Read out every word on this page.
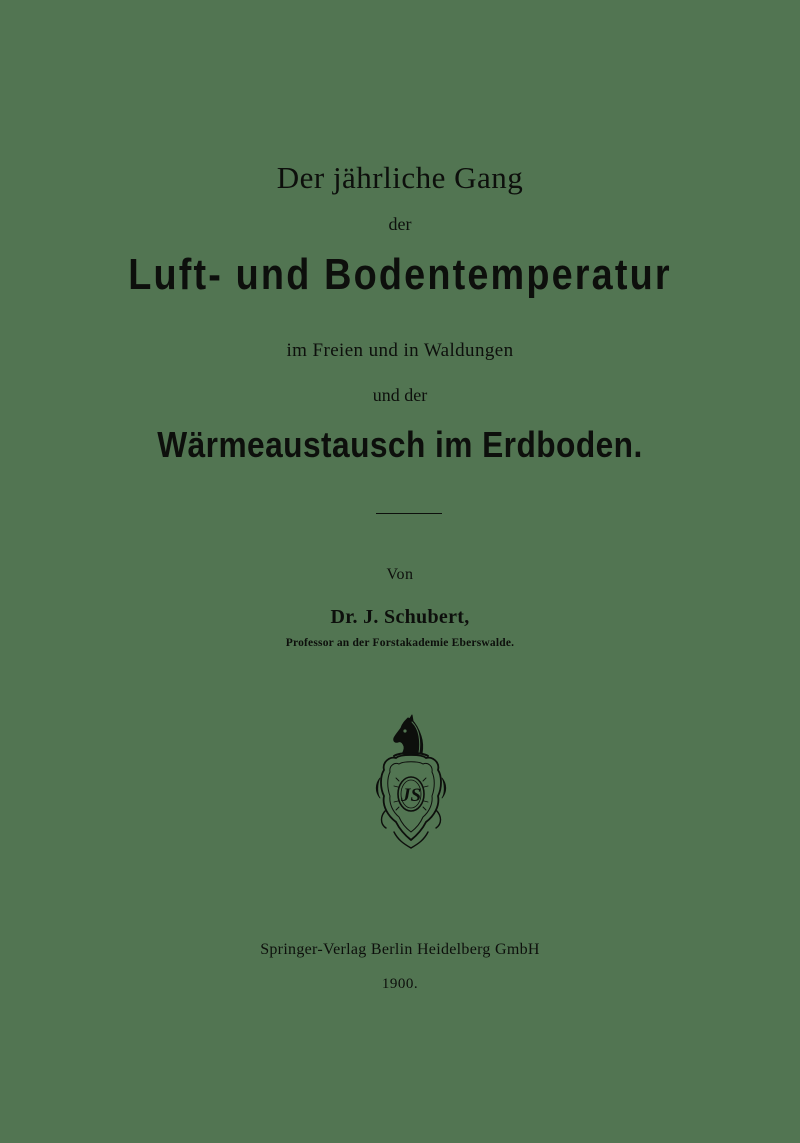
Der jährliche Gang
der
Luft- und Bodentemperatur
im Freien und in Waldungen
und der
Wärmeaustausch im Erdboden.
Von
Dr. J. Schubert,
Professor an der Forstakademie Eberswalde.
JS
Springer-Verlag Berlin Heidelberg GmbH
1900.
